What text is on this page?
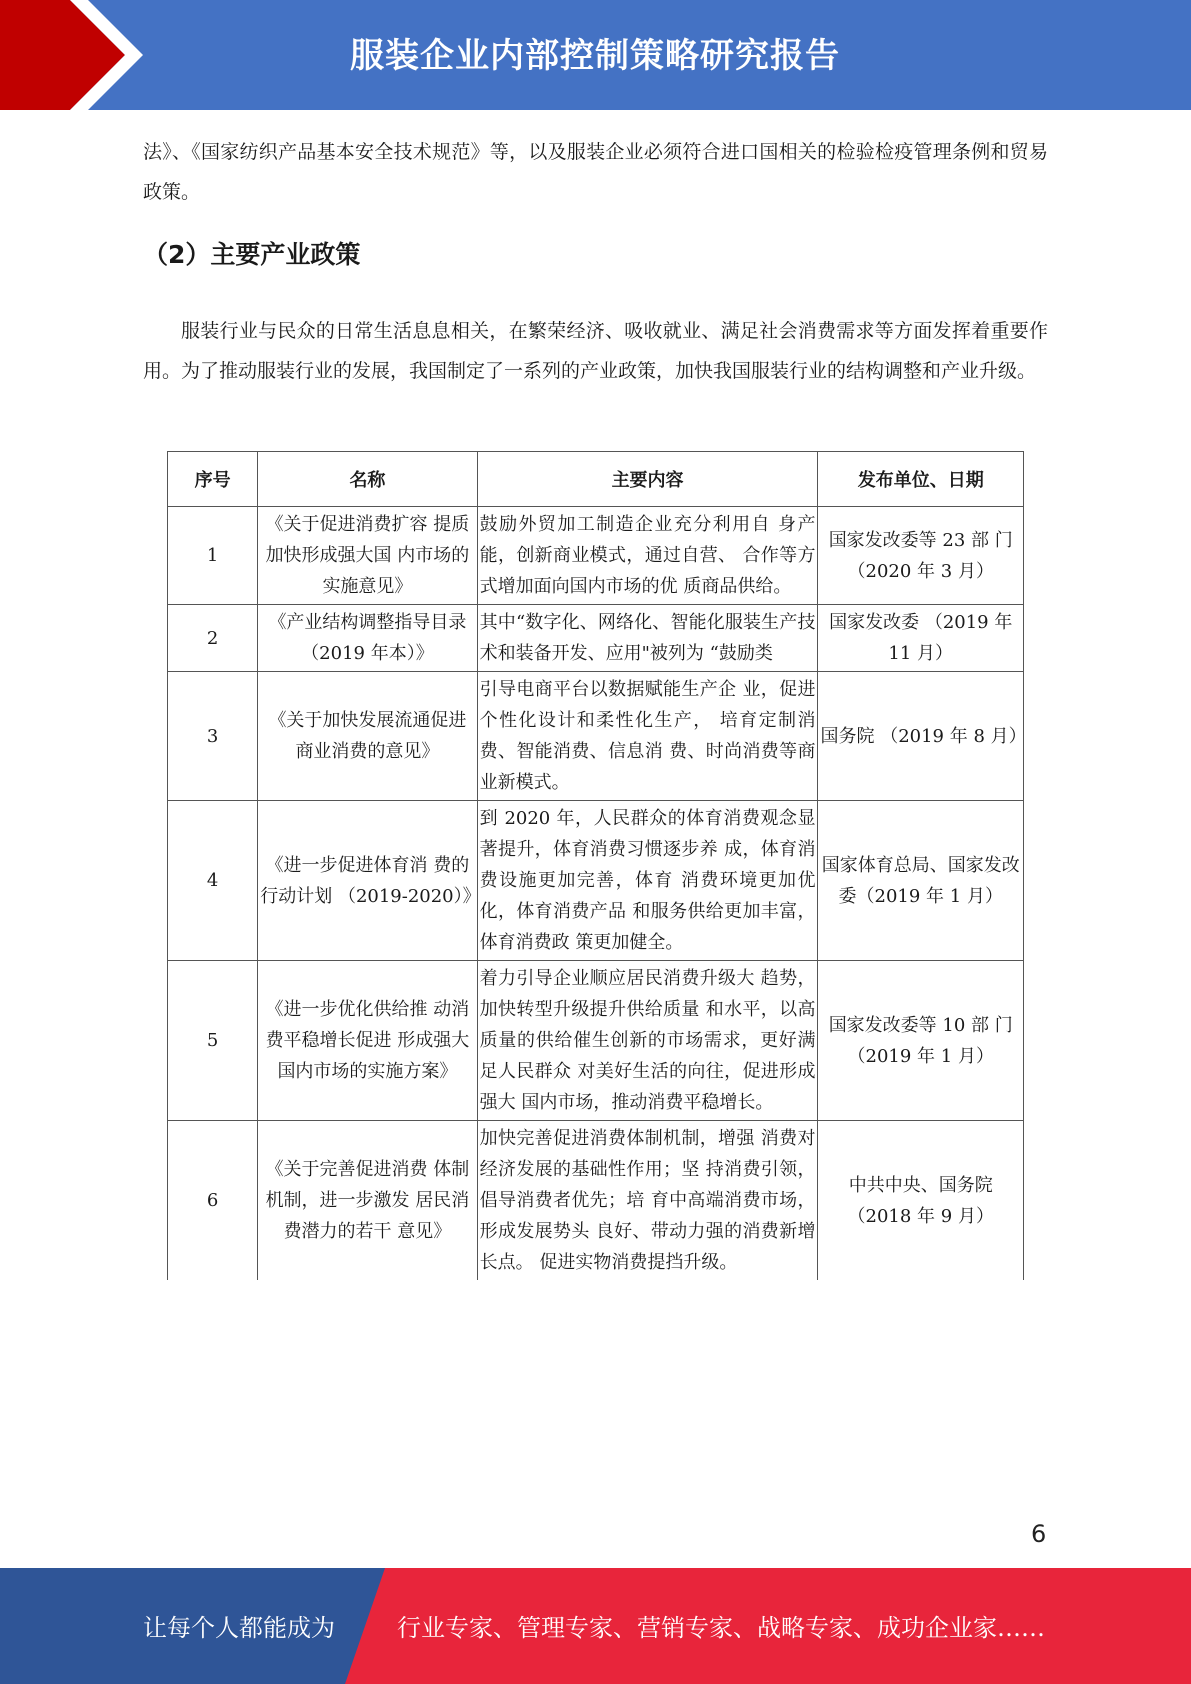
服装企业内部控制策略研究报告
法》、《国家纺织产品基本安全技术规范》等，以及服装企业必须符合进口国相关的检验检疫管理条例和贸易政策。
（2）主要产业政策
服装行业与民众的日常生活息息相关，在繁荣经济、吸收就业、满足社会消费需求等方面发挥着重要作用。为了推动服装行业的发展，我国制定了一系列的产业政策，加快我国服装行业的结构调整和产业升级。
序号	名称	主要内容	发布单位、日期
1	《关于促进消费扩容 提质加快形成强大国 内市场的实施意见》	鼓励外贸加工制造企业充分利用自 身产能，创新商业模式，通过自营、 合作等方式增加面向国内市场的优 质商品供给。	国家发改委等 23 部 门（2020 年 3 月）
2	《产业结构调整指导目录（2019 年本）》	其中“数字化、网络化、智能化服装生产技术和装备开发、应用"被列为 “鼓励类	国家发改委 （2019 年 11 月）
3	《关于加快发展流通促进商业消费的意见》	引导电商平台以数据赋能生产企 业，促进个性化设计和柔性化生产， 培育定制消费、智能消费、信息消 费、时尚消费等商业新模式。	国务院 （2019 年 8 月）
4	《进一步促进体育消 费的行动计划 （2019-2020）》	到 2020 年，人民群众的体育消费观念显著提升，体育消费习惯逐步养 成，体育消费设施更加完善，体育 消费环境更加优化，体育消费产品 和服务供给更加丰富，体育消费政 策更加健全。	国家体育总局、国家发改委（2019 年 1 月）
5	《进一步优化供给推 动消费平稳增长促进 形成强大国内市场的实施方案》	着力引导企业顺应居民消费升级大 趋势，加快转型升级提升供给质量 和水平，以高质量的供给催生创新的市场需求，更好满足人民群众 对美好生活的向往，促进形成强大 国内市场，推动消费平稳增长。	国家发改委等 10 部 门（2019 年 1 月）
6	《关于完善促进消费 体制机制，进一步激发 居民消费潜力的若干 意见》	加快完善促进消费体制机制，增强 消费对经济发展的基础性作用；坚 持消费引领，倡导消费者优先；培 育中高端消费市场，形成发展势头 良好、带动力强的消费新增长点。 促进实物消费提挡升级。	中共中央、国务院（2018 年 9 月）
6
让每个人都能成为	行业专家、管理专家、营销专家、战略专家、成功企业家……
